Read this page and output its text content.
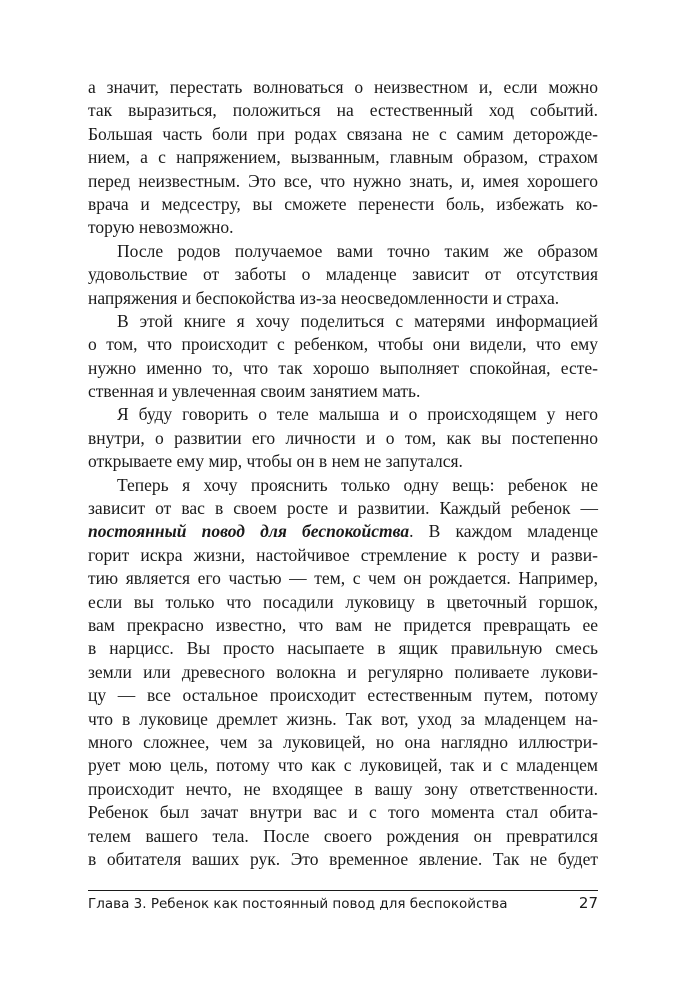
а значит, перестать волноваться о неизвестном и, если можно
так выразиться, положиться на естественный ход событий.
Большая часть боли при родах связана не с самим деторожде-
нием, а с напряжением, вызванным, главным образом, страхом
перед неизвестным. Это все, что нужно знать, и, имея хорошего
врача и медсестру, вы сможете перенести боль, избежать ко-
торую невозможно.
После родов получаемое вами точно таким же образом
удовольствие от заботы о младенце зависит от отсутствия
напряжения и беспокойства из-за неосведомленности и страха.
В этой книге я хочу поделиться с матерями информацией
о том, что происходит с ребенком, чтобы они видели, что ему
нужно именно то, что так хорошо выполняет спокойная, есте-
ственная и увлеченная своим занятием мать.
Я буду говорить о теле малыша и о происходящем у него
внутри, о развитии его личности и о том, как вы постепенно
открываете ему мир, чтобы он в нем не запутался.
Теперь я хочу прояснить только одну вещь: ребенок не
зависит от вас в своем росте и развитии. Каждый ребенок —
постоянный повод для беспокойства. В каждом младенце
горит искра жизни, настойчивое стремление к росту и разви-
тию является его частью — тем, с чем он рождается. Например,
если вы только что посадили луковицу в цветочный горшок,
вам прекрасно известно, что вам не придется превращать ее
в нарцисс. Вы просто насыпаете в ящик правильную смесь
земли или древесного волокна и регулярно поливаете лукови-
цу — все остальное происходит естественным путем, потому
что в луковице дремлет жизнь. Так вот, уход за младенцем на-
много сложнее, чем за луковицей, но она наглядно иллюстри-
рует мою цель, потому что как с луковицей, так и с младенцем
происходит нечто, не входящее в вашу зону ответственности.
Ребенок был зачат внутри вас и с того момента стал обита-
телем вашего тела. После своего рождения он превратился
в обитателя ваших рук. Это временное явление. Так не будет
Глава 3. Ребенок как постоянный повод для беспокойства	27
